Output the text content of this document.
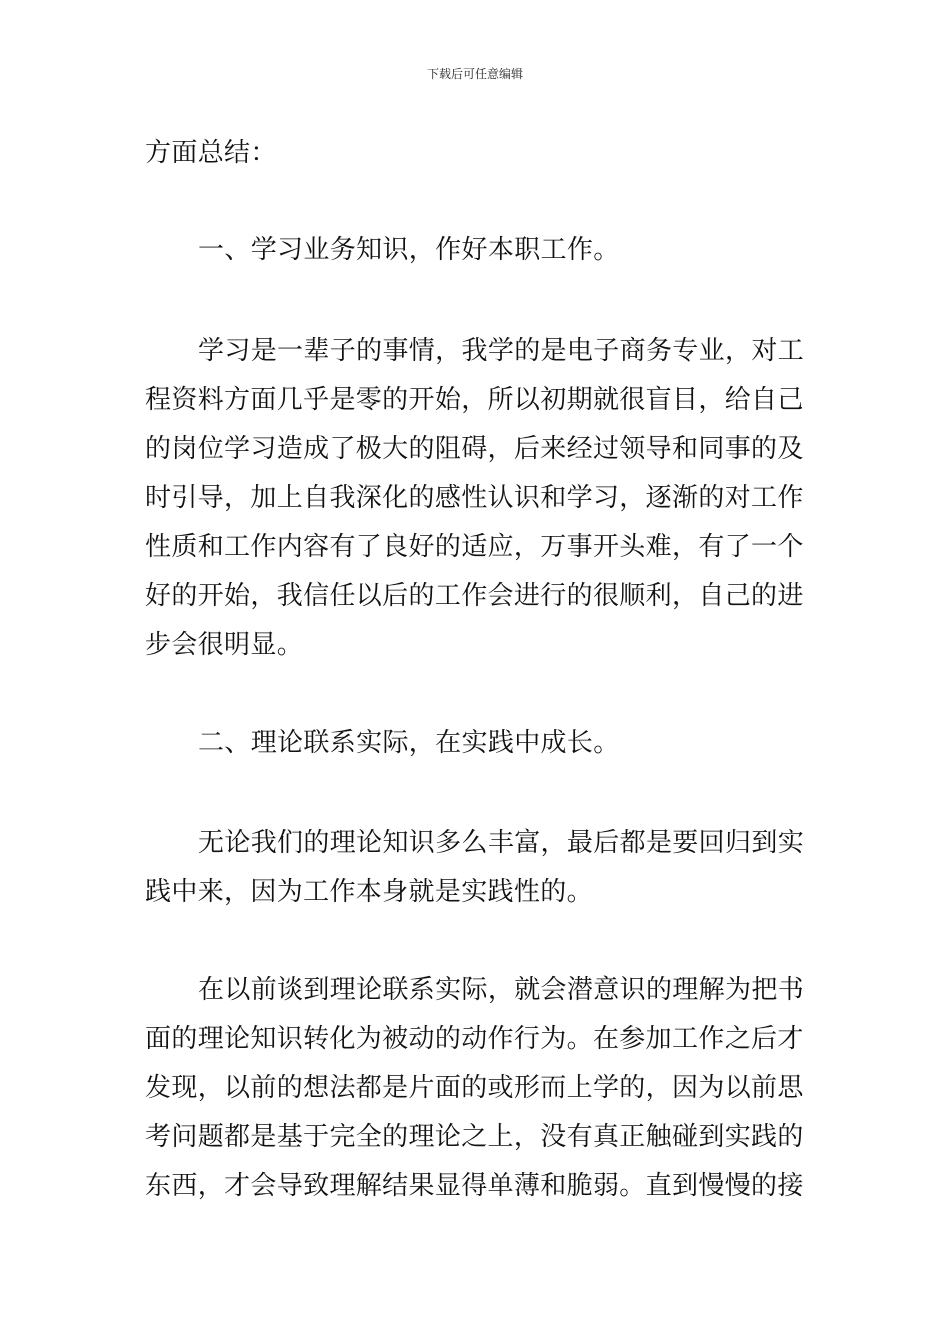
下载后可任意编辑
方面总结：
一、学习业务知识，作好本职工作。
学习是一辈子的事情，我学的是电子商务专业，对工
程资料方面几乎是零的开始，所以初期就很盲目，给自己
的岗位学习造成了极大的阻碍，后来经过领导和同事的及
时引导，加上自我深化的感性认识和学习，逐渐的对工作
性质和工作内容有了良好的适应，万事开头难，有了一个
好的开始，我信任以后的工作会进行的很顺利，自己的进
步会很明显。
二、理论联系实际，在实践中成长。
无论我们的理论知识多么丰富，最后都是要回归到实
践中来，因为工作本身就是实践性的。
在以前谈到理论联系实际，就会潜意识的理解为把书
面的理论知识转化为被动的动作行为。在参加工作之后才
发现，以前的想法都是片面的或形而上学的，因为以前思
考问题都是基于完全的理论之上，没有真正触碰到实践的
东西，才会导致理解结果显得单薄和脆弱。直到慢慢的接
